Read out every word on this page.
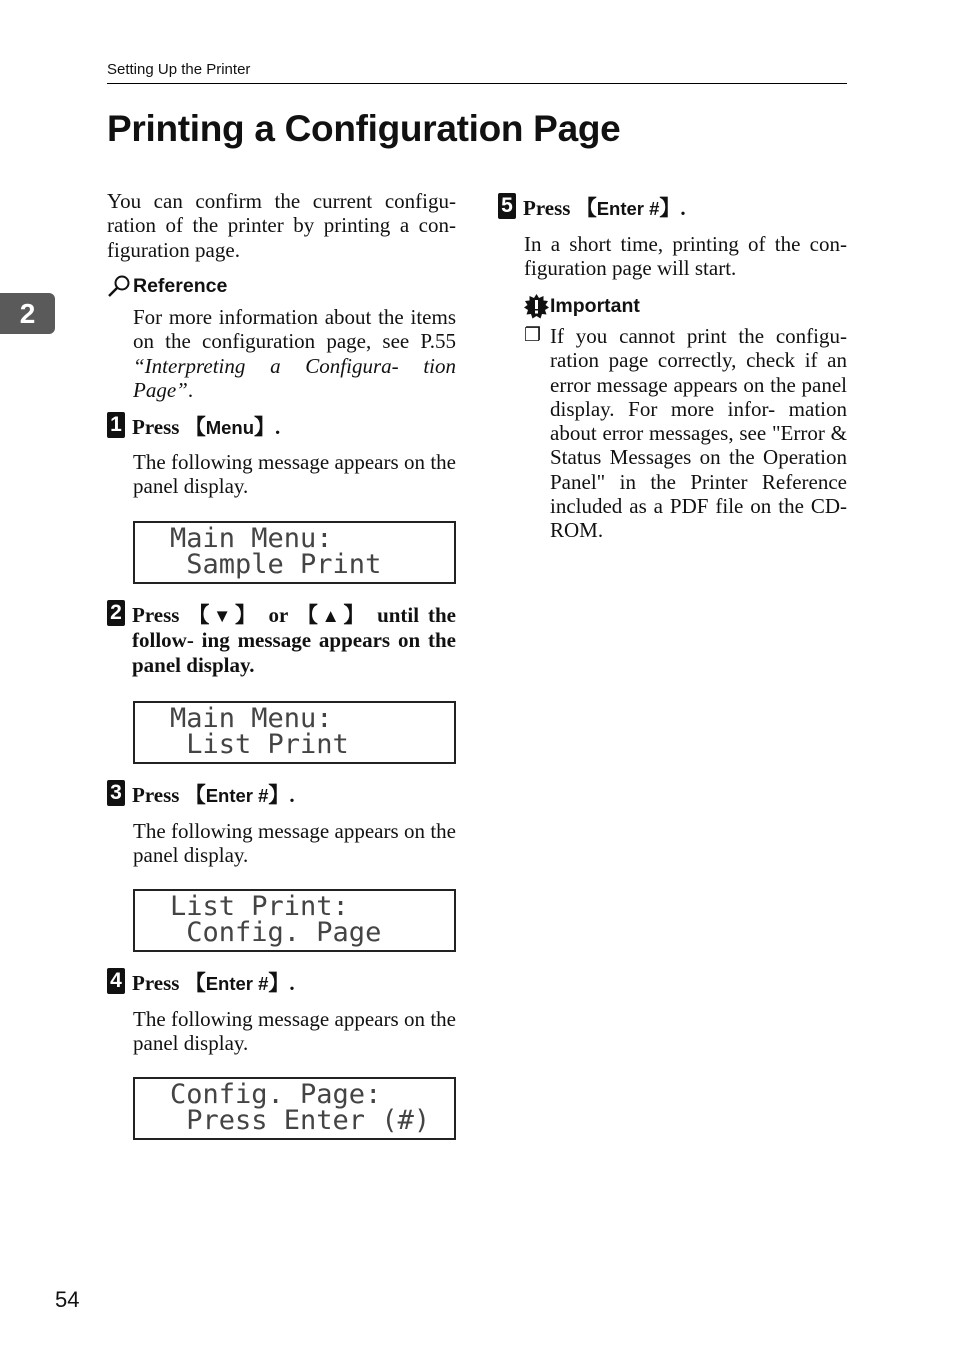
Setting Up the Printer
Printing a Configuration Page
2
You can confirm the current configu- ration of the printer by printing a con- figuration page.
Reference
For more information about the items on the configuration page, see P.55 “Interpreting a Configura- tion Page”.
1 Press 【Menu】.
The following message appears on the panel display.
Main Menu:
Sample Print
2 Press 【▼】 or 【▲】 until the follow- ing message appears on the panel display.
Main Menu:
List Print
3 Press 【Enter #】.
The following message appears on the panel display.
List Print:
Config. Page
4 Press 【Enter #】.
The following message appears on the panel display.
Config. Page:
Press Enter (#)
5 Press 【Enter #】.
In a short time, printing of the con- figuration page will start.
Important
❐ If you cannot print the configu- ration page correctly, check if an error message appears on the panel display. For more infor- mation about error messages, see "Error & Status Messages on the Operation Panel" in the Printer Reference included as a PDF file on the CD-ROM.
54
